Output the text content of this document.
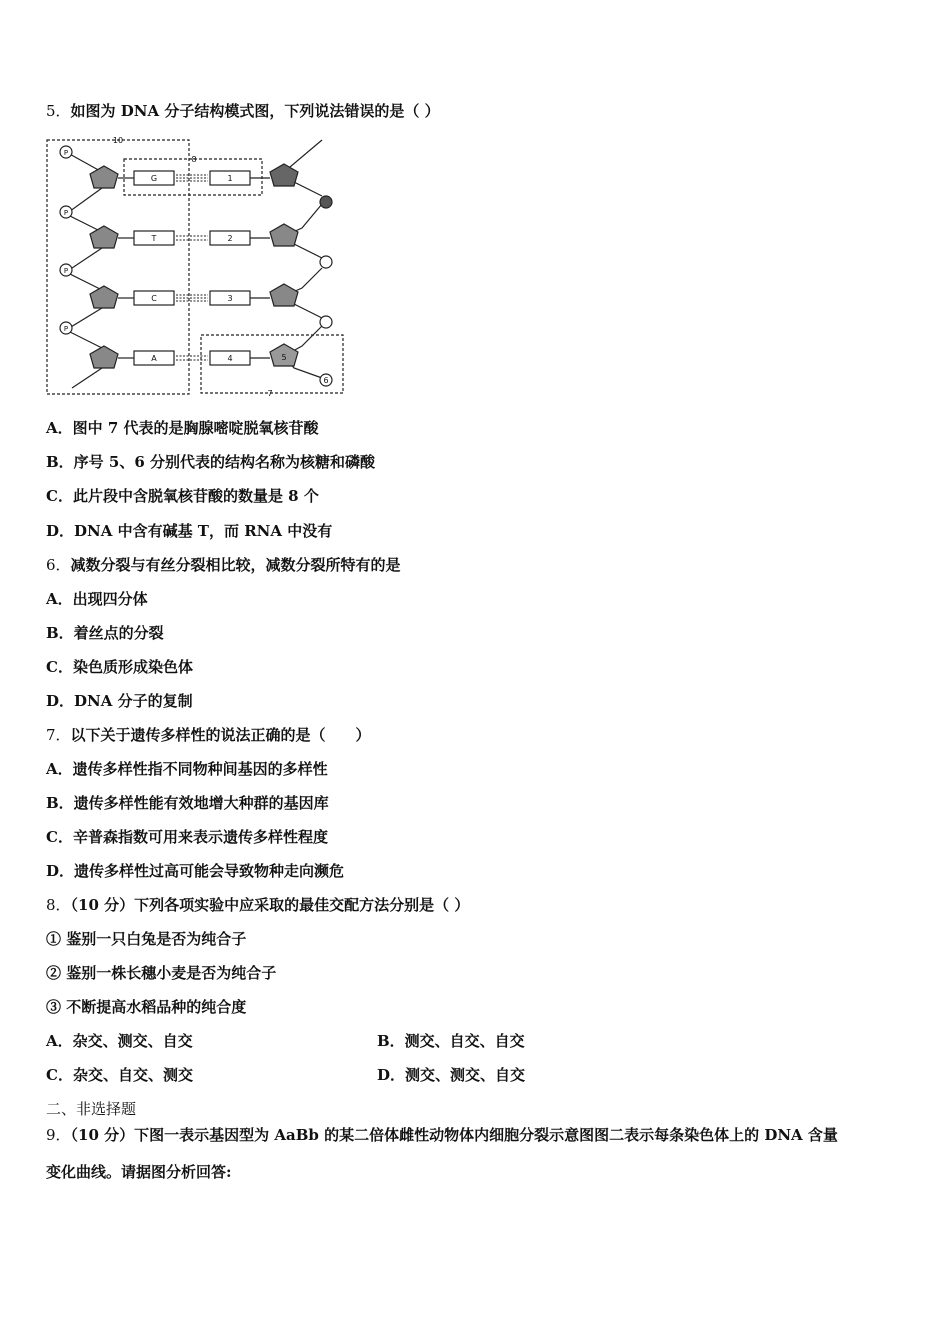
5．如图为 DNA 分子结构模式图，下列说法错误的是（ ）
10
8
7
P
P
P
P
G
T
C
A
1
2
3
4	5
6
A．图中 7 代表的是胸腺嘧啶脱氧核苷酸
B．序号 5、6 分别代表的结构名称为核糖和磷酸
C．此片段中含脱氧核苷酸的数量是 8 个
D．DNA 中含有碱基 T，而 RNA 中没有
6．减数分裂与有丝分裂相比较，减数分裂所特有的是
A．出现四分体
B．着丝点的分裂
C．染色质形成染色体
D．DNA 分子的复制
7．以下关于遗传多样性的说法正确的是（　　）
A．遗传多样性指不同物种间基因的多样性
B．遗传多样性能有效地增大种群的基因库
C．辛普森指数可用来表示遗传多样性程度
D．遗传多样性过高可能会导致物种走向濒危
8．（10 分）下列各项实验中应采取的最佳交配方法分别是（ ）
① 鉴别一只白兔是否为纯合子
② 鉴别一株长穗小麦是否为纯合子
③ 不断提高水稻品种的纯合度
A．杂交、测交、自交	B．测交、自交、自交
C．杂交、自交、测交	D．测交、测交、自交
二、非选择题
9．（10 分）下图一表示基因型为 AaBb 的某二倍体雌性动物体内细胞分裂示意图图二表示每条染色体上的 DNA 含量
变化曲线。请据图分析回答:
